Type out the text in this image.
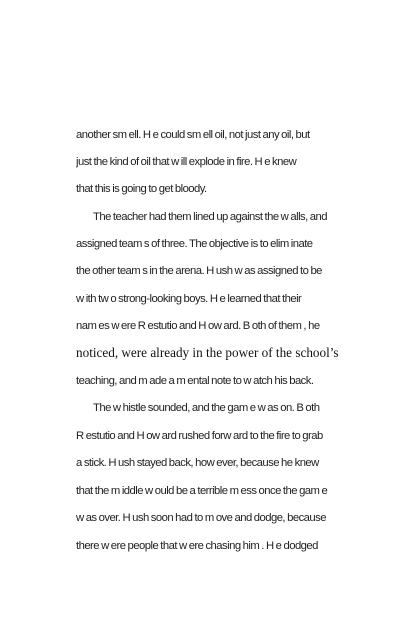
another sm ell. H e could sm ell oil, not just any oil, but
just the kind of oil that w ill explode in fire. H e knew
that this is going to get bloody.
The teacher had them lined up against the w alls, and
assigned team s of three. The objective is to elim inate
the other team s in the arena. H ush w as assigned to be
w ith tw o strong-looking boys. H e learned that their
nam es w ere R estutio and H ow ard. B oth of them , he
noticed, were already in the power of the school’s
teaching, and m ade a m ental note to w atch his back.
The w histle sounded, and the gam e w as on. B oth
R estutio and H ow ard rushed forw ard to the fire to grab
a stick. H ush stayed back, how ever, because he knew
that the m iddle w ould be a terrible m ess once the gam e
w as over. H ush soon had to m ove and dodge, because
there w ere people that w ere chasing him . H e dodged
